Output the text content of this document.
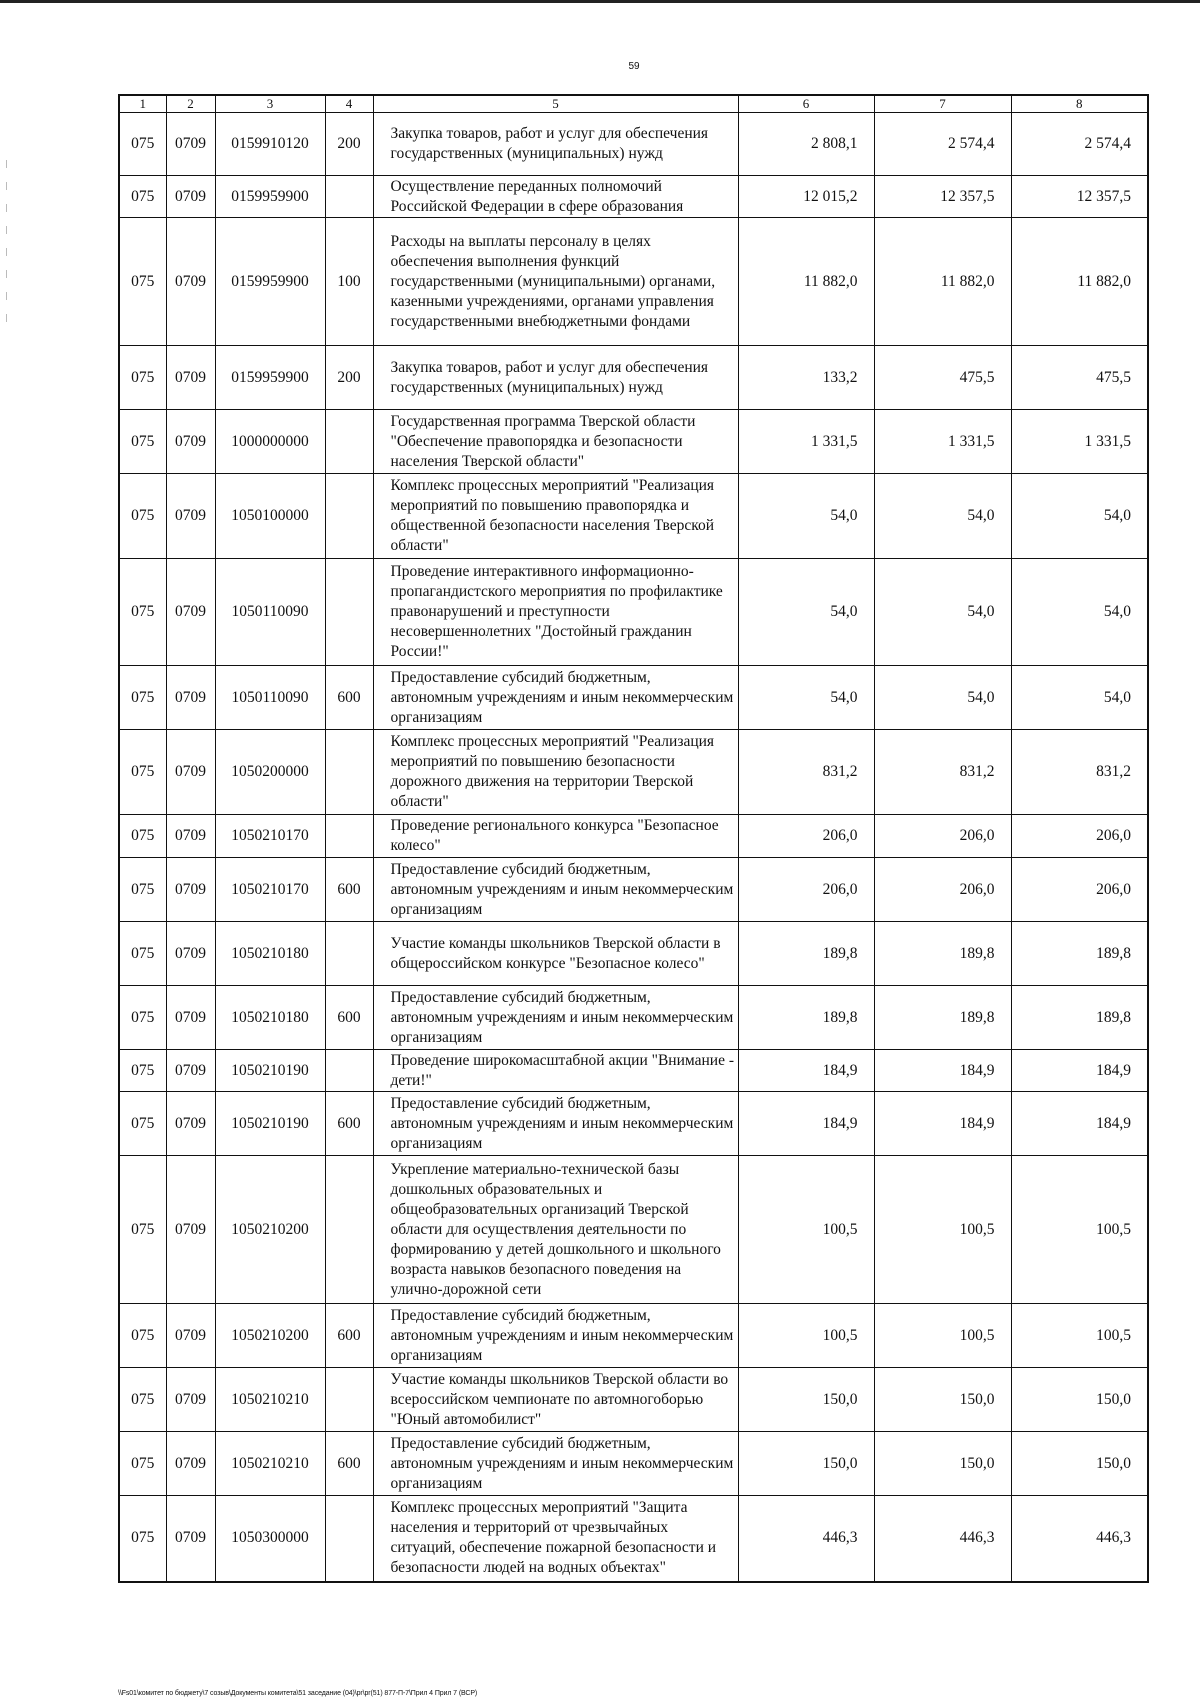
59
1	2	3	4	5	6	7	8
075	0709	0159910120	200	Закупка товаров, работ и услуг для обеспечения государственных (муниципальных) нужд	2 808,1	2 574,4	2 574,4
075	0709	0159959900		Осуществление переданных полномочий Российской Федерации в сфере образования	12 015,2	12 357,5	12 357,5
075	0709	0159959900	100	Расходы на выплаты персоналу в целях обеспечения выполнения функций государственными (муниципальными) органами, казенными учреждениями, органами управления государственными внебюджетными фондами	11 882,0	11 882,0	11 882,0
075	0709	0159959900	200	Закупка товаров, работ и услуг для обеспечения государственных (муниципальных) нужд	133,2	475,5	475,5
075	0709	1000000000		Государственная программа Тверской области "Обеспечение правопорядка и безопасности населения Тверской области"	1 331,5	1 331,5	1 331,5
075	0709	1050100000		Комплекс процессных мероприятий "Реализация мероприятий по повышению правопорядка и общественной безопасности населения Тверской области"	54,0	54,0	54,0
075	0709	1050110090		Проведение интерактивного информационно-пропагандистского мероприятия по профилактике правонарушений и преступности несовершеннолетних "Достойный гражданин России!"	54,0	54,0	54,0
075	0709	1050110090	600	Предоставление субсидий бюджетным, автономным учреждениям и иным некоммерческим организациям	54,0	54,0	54,0
075	0709	1050200000		Комплекс процессных мероприятий "Реализация мероприятий по повышению безопасности дорожного движения на территории Тверской области"	831,2	831,2	831,2
075	0709	1050210170		Проведение регионального конкурса "Безопасное колесо"	206,0	206,0	206,0
075	0709	1050210170	600	Предоставление субсидий бюджетным, автономным учреждениям и иным некоммерческим организациям	206,0	206,0	206,0
075	0709	1050210180		Участие команды школьников Тверской области в общероссийском конкурсе "Безопасное колесо"	189,8	189,8	189,8
075	0709	1050210180	600	Предоставление субсидий бюджетным, автономным учреждениям и иным некоммерческим организациям	189,8	189,8	189,8
075	0709	1050210190		Проведение широкомасштабной акции "Внимание - дети!"	184,9	184,9	184,9
075	0709	1050210190	600	Предоставление субсидий бюджетным, автономным учреждениям и иным некоммерческим организациям	184,9	184,9	184,9
075	0709	1050210200		Укрепление материально-технической базы дошкольных образовательных и общеобразовательных организаций Тверской области для осуществления деятельности по формированию у детей дошкольного и школьного возраста навыков безопасного поведения на улично-дорожной сети	100,5	100,5	100,5
075	0709	1050210200	600	Предоставление субсидий бюджетным, автономным учреждениям и иным некоммерческим организациям	100,5	100,5	100,5
075	0709	1050210210		Участие команды школьников Тверской области во всероссийском чемпионате по автомногоборью "Юный автомобилист"	150,0	150,0	150,0
075	0709	1050210210	600	Предоставление субсидий бюджетным, автономным учреждениям и иным некоммерческим организациям	150,0	150,0	150,0
075	0709	1050300000		Комплекс процессных мероприятий "Защита населения и территорий от чрезвычайных ситуаций, обеспечение пожарной безопасности и безопасности людей на водных объектах"	446,3	446,3	446,3
\\Fs01\комитет по бюджету\7 созыв\Документы комитета\51 заседание (04)\pr\pr(51) 877-П-7\Прил 4 Прил 7 (ВСР)
